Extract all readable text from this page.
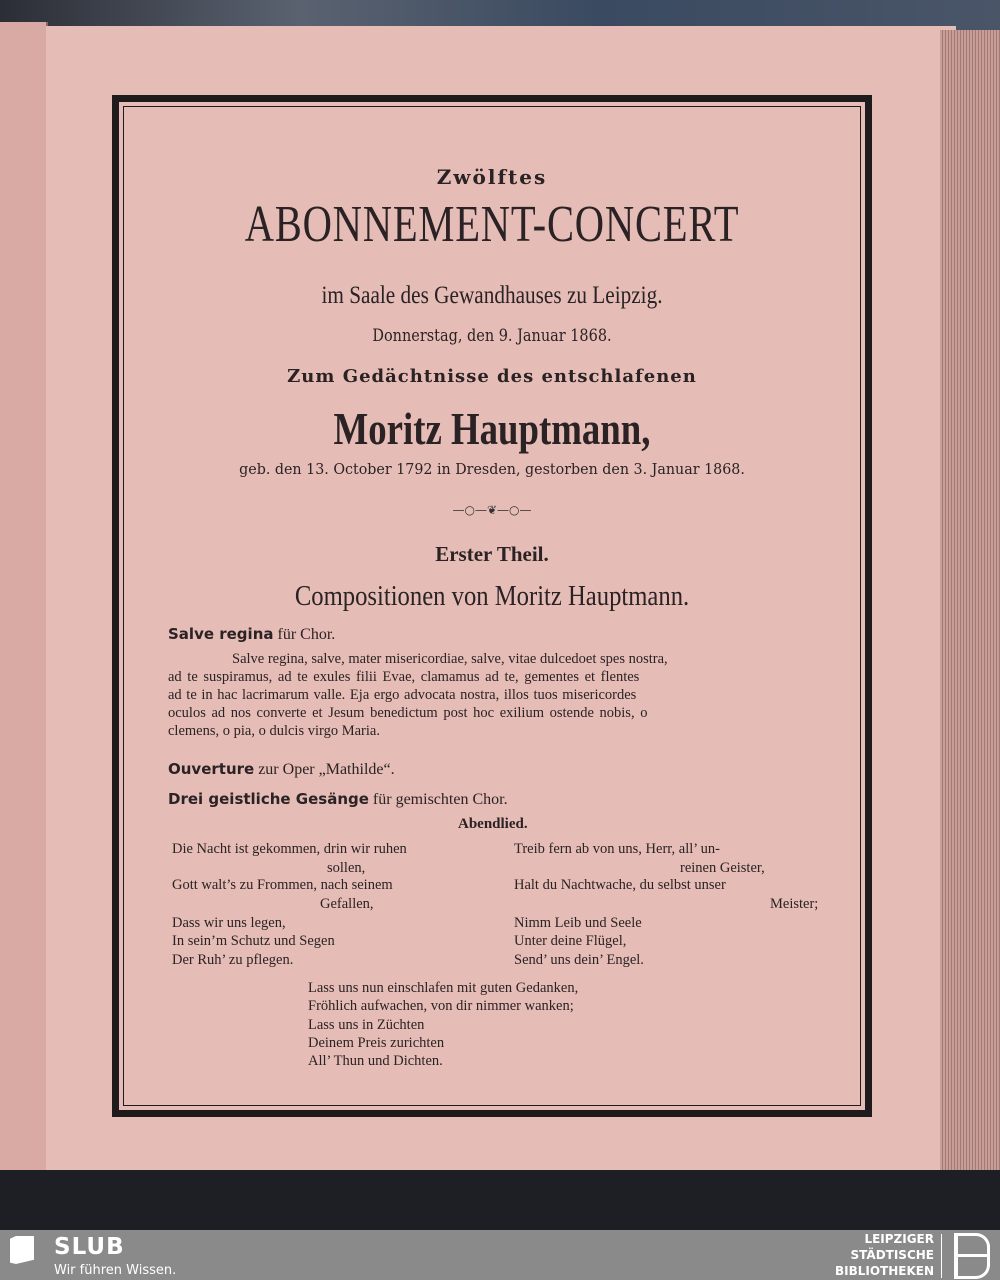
Zwölftes
ABONNEMENT-CONCERT
im Saale des Gewandhauses zu Leipzig.
Donnerstag, den 9. Januar 1868.
Zum Gedächtnisse des entschlafenen
Moritz Hauptmann,
geb. den 13. October 1792 in Dresden, gestorben den 3. Januar 1868.
—○—❦—○—
Erster Theil.
Compositionen von Moritz Hauptmann.
Salve regina für Chor.
Salve regina, salve, mater misericordiae, salve, vitae dulcedoet spes nostra,
ad te suspiramus, ad te exules filii Evae, clamamus ad te, gementes et flentes
ad te in hac lacrimarum valle. Eja ergo advocata nostra, illos tuos misericordes
oculos ad nos converte et Jesum benedictum post hoc exilium ostende nobis, o
clemens, o pia, o dulcis virgo Maria.
Ouverture zur Oper „Mathilde“.
Drei geistliche Gesänge für gemischten Chor.
Abendlied.
Die Nacht ist gekommen, drin wir ruhen
sollen,
Gott walt’s zu Frommen, nach seinem
Gefallen,
Dass wir uns legen,
In sein’m Schutz und Segen
Der Ruh’ zu pflegen.
Treib fern ab von uns, Herr, all’ un-
reinen Geister,
Halt du Nachtwache, du selbst unser
Meister;
Nimm Leib und Seele
Unter deine Flügel,
Send’ uns dein’ Engel.
Lass uns nun einschlafen mit guten Gedanken,
Fröhlich aufwachen, von dir nimmer wanken;
Lass uns in Züchten
Deinem Preis zurichten
All’ Thun und Dichten.
SLUB
Wir führen Wissen.
LEIPZIGER
STÄDTISCHE
BIBLIOTHEKEN
